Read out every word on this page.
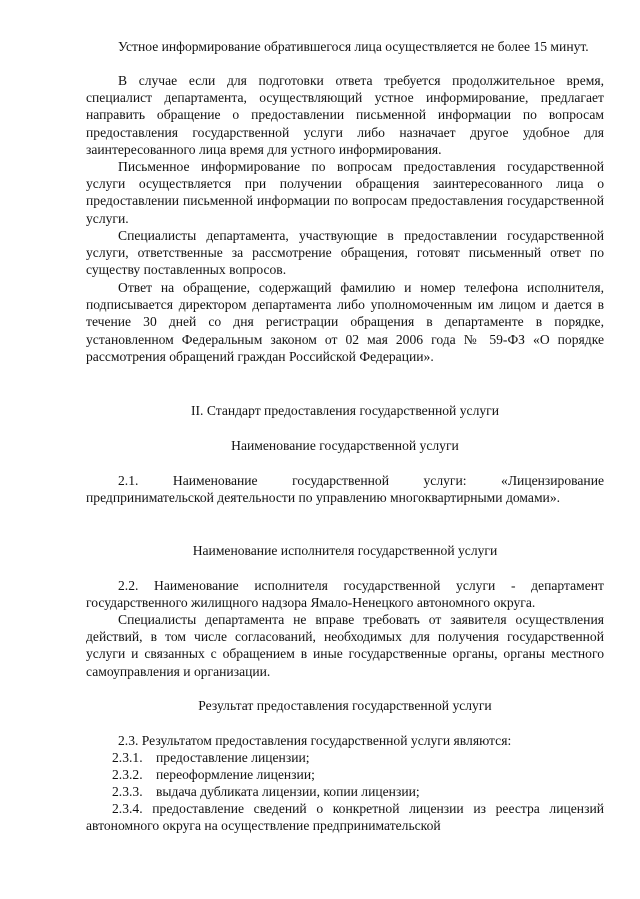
Устное информирование обратившегося лица осуществляется не более 15 минут.

В случае если для подготовки ответа требуется продолжительное время, специалист департамента, осуществляющий устное информирование, предлагает направить обращение о предоставлении письменной информации по вопросам предоставления государственной услуги либо назначает другое удобное для заинтересованного лица время для устного информирования.

Письменное информирование по вопросам предоставления государственной услуги осуществляется при получении обращения заинтересованного лица о предоставлении письменной информации по вопросам предоставления государственной услуги.

Специалисты департамента, участвующие в предоставлении государственной услуги, ответственные за рассмотрение обращения, готовят письменный ответ по существу поставленных вопросов.

Ответ на обращение, содержащий фамилию и номер телефона исполнителя, подписывается директором департамента либо уполномоченным им лицом и дается в течение 30 дней со дня регистрации обращения в департаменте в порядке, установленном Федеральным законом от 02 мая 2006 года № 59-ФЗ «О порядке рассмотрения обращений граждан Российской Федерации».

II. Стандарт предоставления государственной услуги

Наименование государственной услуги

2.1. Наименование государственной услуги: «Лицензирование предпринимательской деятельности по управлению многоквартирными домами».

Наименование исполнителя государственной услуги

2.2. Наименование исполнителя государственной услуги - департамент государственного жилищного надзора Ямало-Ненецкого автономного округа.

Специалисты департамента не вправе требовать от заявителя осуществления действий, в том числе согласований, необходимых для получения государственной услуги и связанных с обращением в иные государственные органы, органы местного самоуправления и организации.

Результат предоставления государственной услуги

2.3. Результатом предоставления государственной услуги являются:

2.3.1. предоставление лицензии;

2.3.2. переоформление лицензии;

2.3.3. выдача дубликата лицензии, копии лицензии;

2.3.4. предоставление сведений о конкретной лицензии из реестра лицензий автономного округа на осуществление предпринимательской
